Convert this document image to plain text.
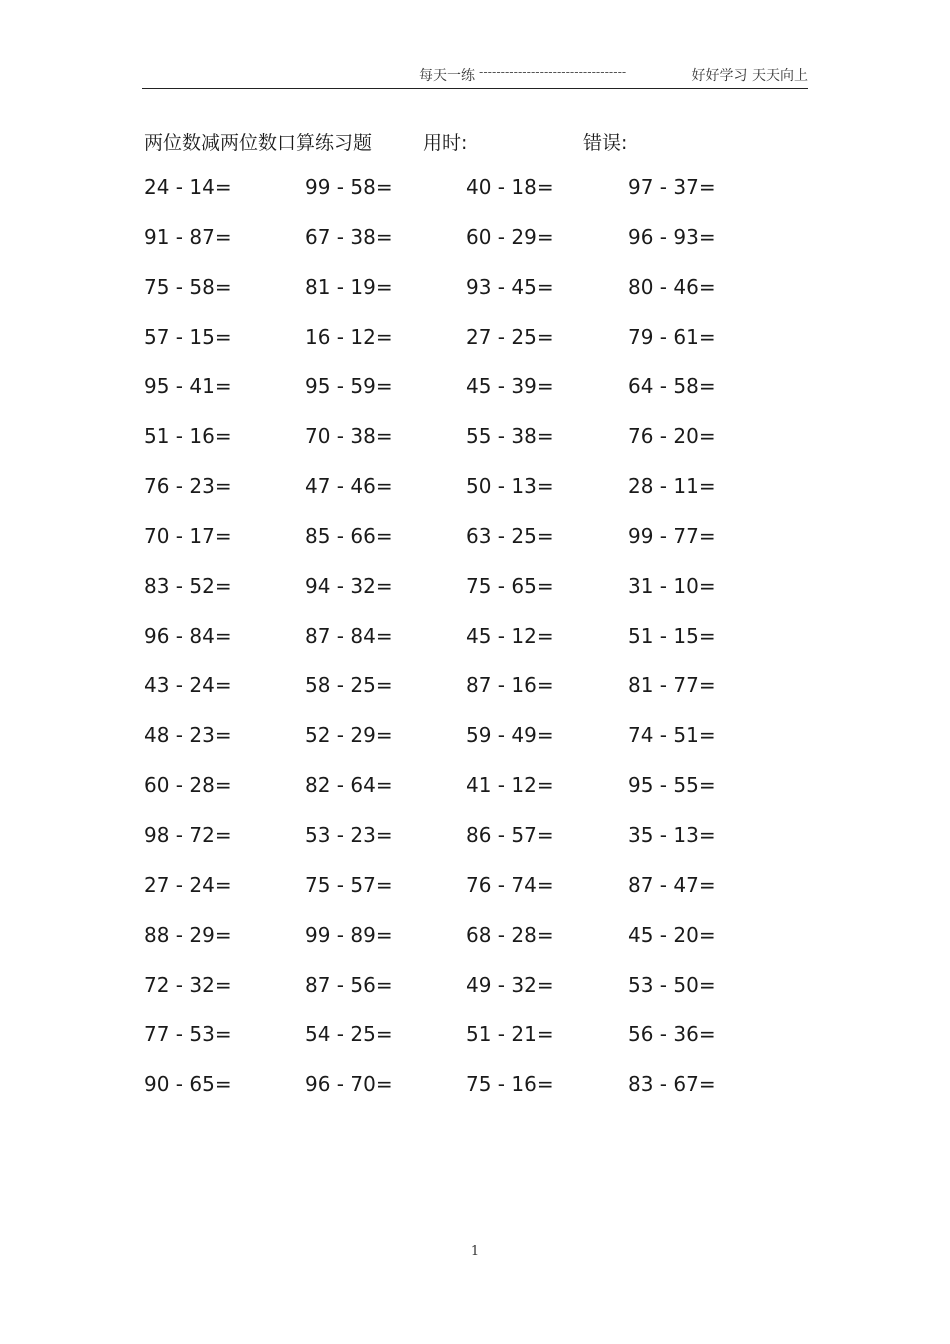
每天一练 ----------------------------------	好好学习 天天向上
两位数减两位数口算练习题	用时:	错误:
24 - 14=	99 - 58=	40 - 18=	97 - 37=
91 - 87=	67 - 38=	60 - 29=	96 - 93=
75 - 58=	81 - 19=	93 - 45=	80 - 46=
57 - 15=	16 - 12=	27 - 25=	79 - 61=
95 - 41=	95 - 59=	45 - 39=	64 - 58=
51 - 16=	70 - 38=	55 - 38=	76 - 20=
76 - 23=	47 - 46=	50 - 13=	28 - 11=
70 - 17=	85 - 66=	63 - 25=	99 - 77=
83 - 52=	94 - 32=	75 - 65=	31 - 10=
96 - 84=	87 - 84=	45 - 12=	51 - 15=
43 - 24=	58 - 25=	87 - 16=	81 - 77=
48 - 23=	52 - 29=	59 - 49=	74 - 51=
60 - 28=	82 - 64=	41 - 12=	95 - 55=
98 - 72=	53 - 23=	86 - 57=	35 - 13=
27 - 24=	75 - 57=	76 - 74=	87 - 47=
88 - 29=	99 - 89=	68 - 28=	45 - 20=
72 - 32=	87 - 56=	49 - 32=	53 - 50=
77 - 53=	54 - 25=	51 - 21=	56 - 36=
90 - 65=	96 - 70=	75 - 16=	83 - 67=
1
